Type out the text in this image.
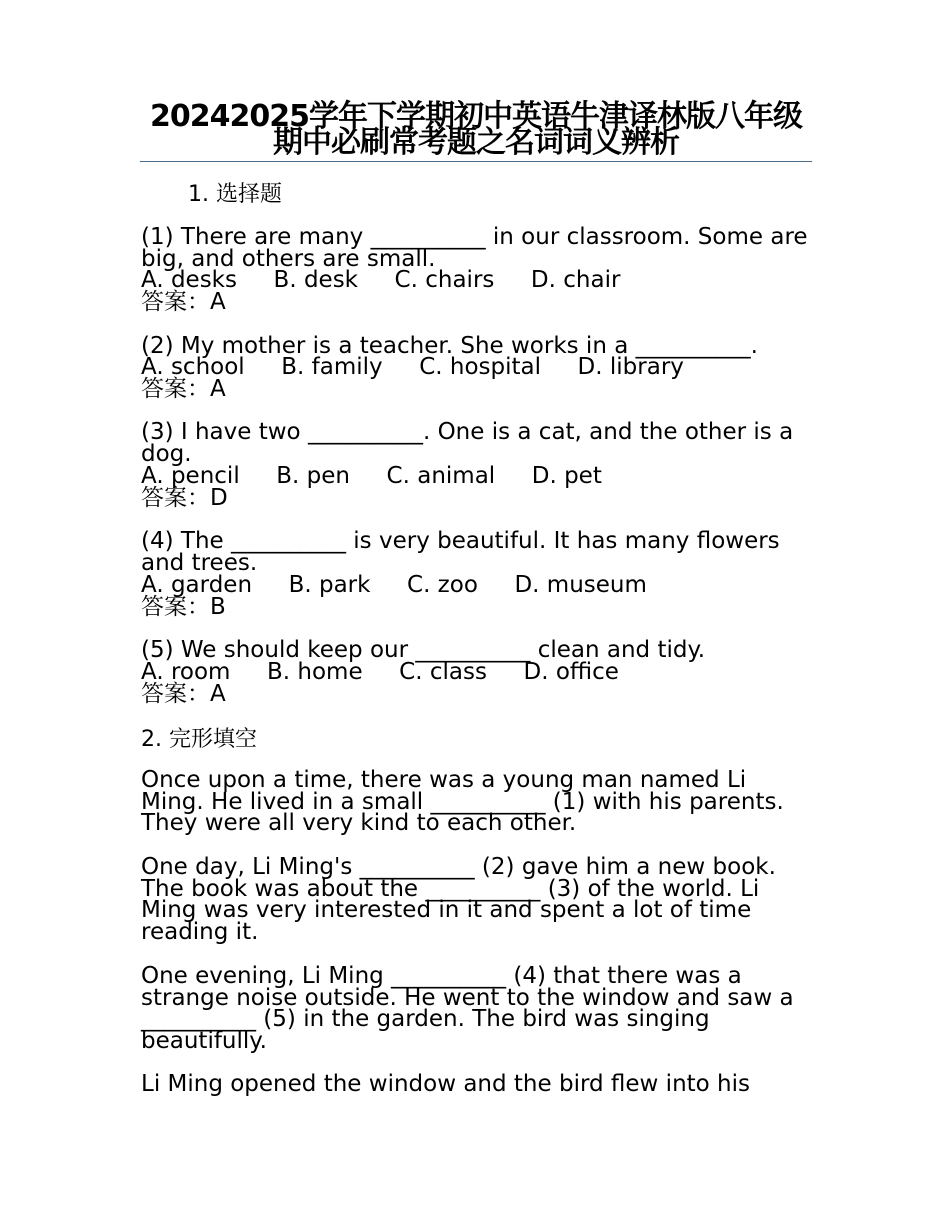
20242025学年下学期初中英语牛津译林版八年级期中必刷常考题之名词词义辨析
1. 选择题
(1) There are many __________ in our classroom. Some are big, and others are small.
A. desks     B. desk     C. chairs     D. chair
答案：A
(2) My mother is a teacher. She works in a __________.
A. school     B. family     C. hospital     D. library
答案：A
(3) I have two __________. One is a cat, and the other is a dog.
A. pencil     B. pen     C. animal     D. pet
答案：D
(4) The __________ is very beautiful. It has many flowers and trees.
A. garden     B. park     C. zoo     D. museum
答案：B
(5) We should keep our __________ clean and tidy.
A. room     B. home     C. class     D. office
答案：A
2. 完形填空
Once upon a time, there was a young man named Li Ming. He lived in a small __________ (1) with his parents. They were all very kind to each other.
One day, Li Ming's __________ (2) gave him a new book. The book was about the __________ (3) of the world. Li Ming was very interested in it and spent a lot of time reading it.
One evening, Li Ming __________ (4) that there was a strange noise outside. He went to the window and saw a __________ (5) in the garden. The bird was singing beautifully.
Li Ming opened the window and the bird flew into his
